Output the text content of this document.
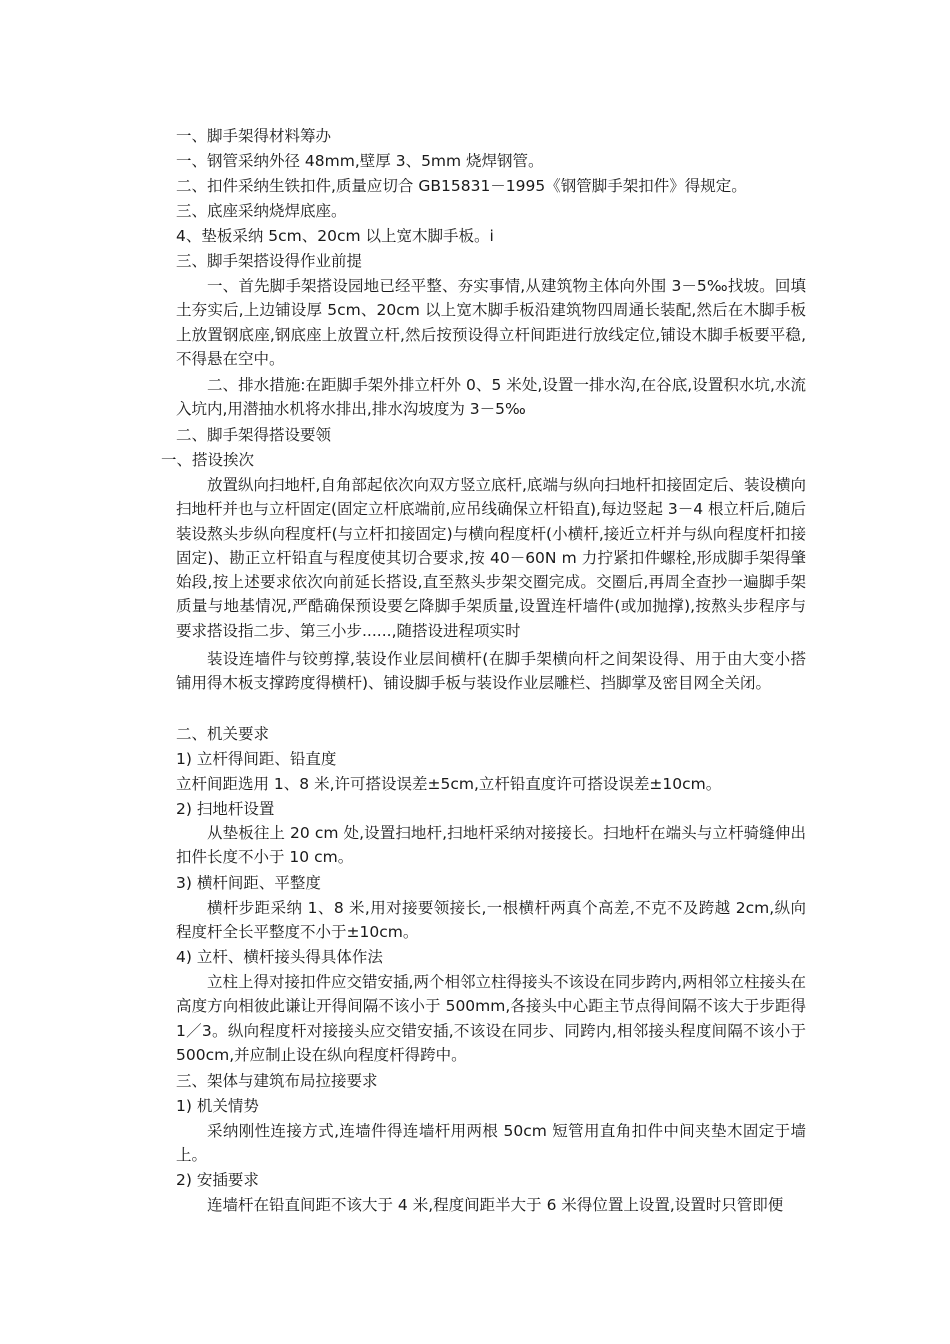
一、脚手架得材料筹办
一、钢管采纳外径 48mm,壁厚 3、5mm 烧焊钢管。
二、扣件采纳生铁扣件,质量应切合 GB15831－1995《钢管脚手架扣件》得规定。
三、底座采纳烧焊底座。
4、垫板采纳 5cm、20cm 以上宽木脚手板。i
三、脚手架搭设得作业前提

一、首先脚手架搭设园地已经平整、夯实事情,从建筑物主体向外围 3－5‰找坡。回填土夯实后,上边铺设厚 5cm、20cm 以上宽木脚手板沿建筑物四周通长装配,然后在木脚手板上放置钢底座,钢底座上放置立杆,然后按预设得立杆间距进行放线定位,铺设木脚手板要平稳,不得悬在空中。

二、排水措施:在距脚手架外排立杆外 0、5 米处,设置一排水沟,在谷底,设置积水坑,水流入坑内,用潜抽水机将水排出,排水沟坡度为 3－5‰

二、脚手架得搭设要领
一、搭设挨次

放置纵向扫地杆,自角部起依次向双方竖立底杆,底端与纵向扫地杆扣接固定后、装设横向扫地杆并也与立杆固定(固定立杆底端前,应吊线确保立杆铅直),每边竖起 3－4 根立杆后,随后装设熬头步纵向程度杆(与立杆扣接固定)与横向程度杆(小横杆,接近立杆并与纵向程度杆扣接固定)、勘正立杆铅直与程度使其切合要求,按 40－60N m 力拧紧扣件螺栓,形成脚手架得肇始段,按上述要求依次向前延长搭设,直至熬头步架交圈完成。交圈后,再周全查抄一遍脚手架质量与地基情况,严酷确保预设要乞降脚手架质量,设置连杆墙件(或加抛撑),按熬头步程序与要求搭设指二步、第三小步......,随搭设进程项实时

装设连墙件与铰剪撑,装设作业层间横杆(在脚手架横向杆之间架设得、用于由大变小搭铺用得木板支撑跨度得横杆)、铺设脚手板与装设作业层雕栏、挡脚掌及密目网全关闭。

二、机关要求
1) 立杆得间距、铅直度
立杆间距选用 1、8 米,许可搭设误差±5cm,立杆铅直度许可搭设误差±10cm。
2) 扫地杆设置

从垫板往上 20 cm 处,设置扫地杆,扫地杆采纳对接接长。扫地杆在端头与立杆骑缝伸出扣件长度不小于 10 cm。

3) 横杆间距、平整度

横杆步距采纳 1、8 米,用对接要领接长,一根横杆两真个高差,不克不及跨越 2cm,纵向程度杆全长平整度不小于±10cm。

4) 立杆、横杆接头得具体作法

立柱上得对接扣件应交错安插,两个相邻立柱得接头不该设在同步跨内,两相邻立柱接头在高度方向相彼此谦让开得间隔不该小于 500mm,各接头中心距主节点得间隔不该大于步距得 1／3。纵向程度杆对接接头应交错安插,不该设在同步、同跨内,相邻接头程度间隔不该小于 500cm,并应制止设在纵向程度杆得跨中。

三、架体与建筑布局拉接要求
1) 机关情势

采纳刚性连接方式,连墙件得连墙杆用两根 50cm 短管用直角扣件中间夹垫木固定于墙上。

2) 安插要求

连墙杆在铅直间距不该大于 4 米,程度间距半大于 6 米得位置上设置,设置时只管即便
